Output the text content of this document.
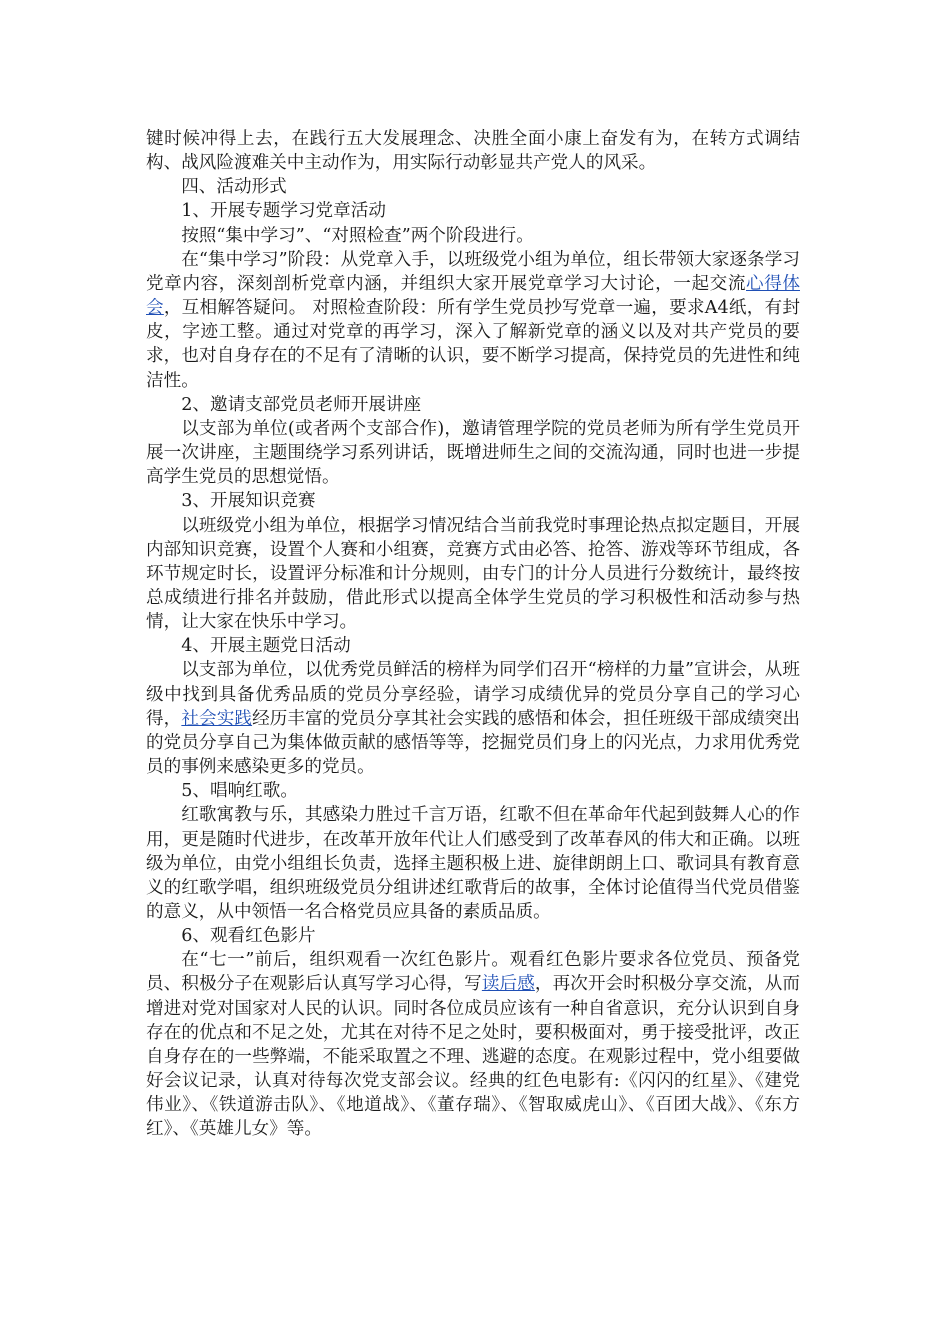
键时候冲得上去，在践行五大发展理念、决胜全面小康上奋发有为，在转方式调结构、战风险渡难关中主动作为，用实际行动彰显共产党人的风采。

四、活动形式

1、开展专题学习党章活动

按照“集中学习”、“对照检查”两个阶段进行。

在“集中学习”阶段：从党章入手，以班级党小组为单位，组长带领大家逐条学习党章内容，深刻剖析党章内涵，并组织大家开展党章学习大讨论，一起交流心得体会，互相解答疑问。 对照检查阶段：所有学生党员抄写党章一遍，要求A4纸，有封皮，字迹工整。通过对党章的再学习，深入了解新党章的涵义以及对共产党员的要求，也对自身存在的不足有了清晰的认识，要不断学习提高，保持党员的先进性和纯洁性。

2、邀请支部党员老师开展讲座

以支部为单位(或者两个支部合作)，邀请管理学院的党员老师为所有学生党员开展一次讲座，主题围绕学习系列讲话，既增进师生之间的交流沟通，同时也进一步提高学生党员的思想觉悟。

3、开展知识竞赛

以班级党小组为单位，根据学习情况结合当前我党时事理论热点拟定题目，开展内部知识竞赛，设置个人赛和小组赛，竞赛方式由必答、抢答、游戏等环节组成，各环节规定时长，设置评分标准和计分规则，由专门的计分人员进行分数统计，最终按总成绩进行排名并鼓励，借此形式以提高全体学生党员的学习积极性和活动参与热情，让大家在快乐中学习。

4、开展主题党日活动

以支部为单位，以优秀党员鲜活的榜样为同学们召开“榜样的力量”宣讲会，从班级中找到具备优秀品质的党员分享经验，请学习成绩优异的党员分享自己的学习心得，社会实践经历丰富的党员分享其社会实践的感悟和体会，担任班级干部成绩突出的党员分享自己为集体做贡献的感悟等等，挖掘党员们身上的闪光点，力求用优秀党员的事例来感染更多的党员。

5、唱响红歌。

红歌寓教与乐，其感染力胜过千言万语，红歌不但在革命年代起到鼓舞人心的作用，更是随时代进步，在改革开放年代让人们感受到了改革春风的伟大和正确。以班级为单位，由党小组组长负责，选择主题积极上进、旋律朗朗上口、歌词具有教育意义的红歌学唱，组织班级党员分组讲述红歌背后的故事，全体讨论值得当代党员借鉴的意义，从中领悟一名合格党员应具备的素质品质。

6、观看红色影片

在“七一”前后，组织观看一次红色影片。观看红色影片要求各位党员、预备党员、积极分子在观影后认真写学习心得，写读后感，再次开会时积极分享交流，从而增进对党对国家对人民的认识。同时各位成员应该有一种自省意识，充分认识到自身存在的优点和不足之处，尤其在对待不足之处时，要积极面对，勇于接受批评，改正自身存在的一些弊端，不能采取置之不理、逃避的态度。在观影过程中，党小组要做好会议记录，认真对待每次党支部会议。经典的红色电影有:《闪闪的红星》、《建党伟业》、《铁道游击队》、《地道战》、《董存瑞》、《智取威虎山》、《百团大战》、《东方红》、《英雄儿女》等。
